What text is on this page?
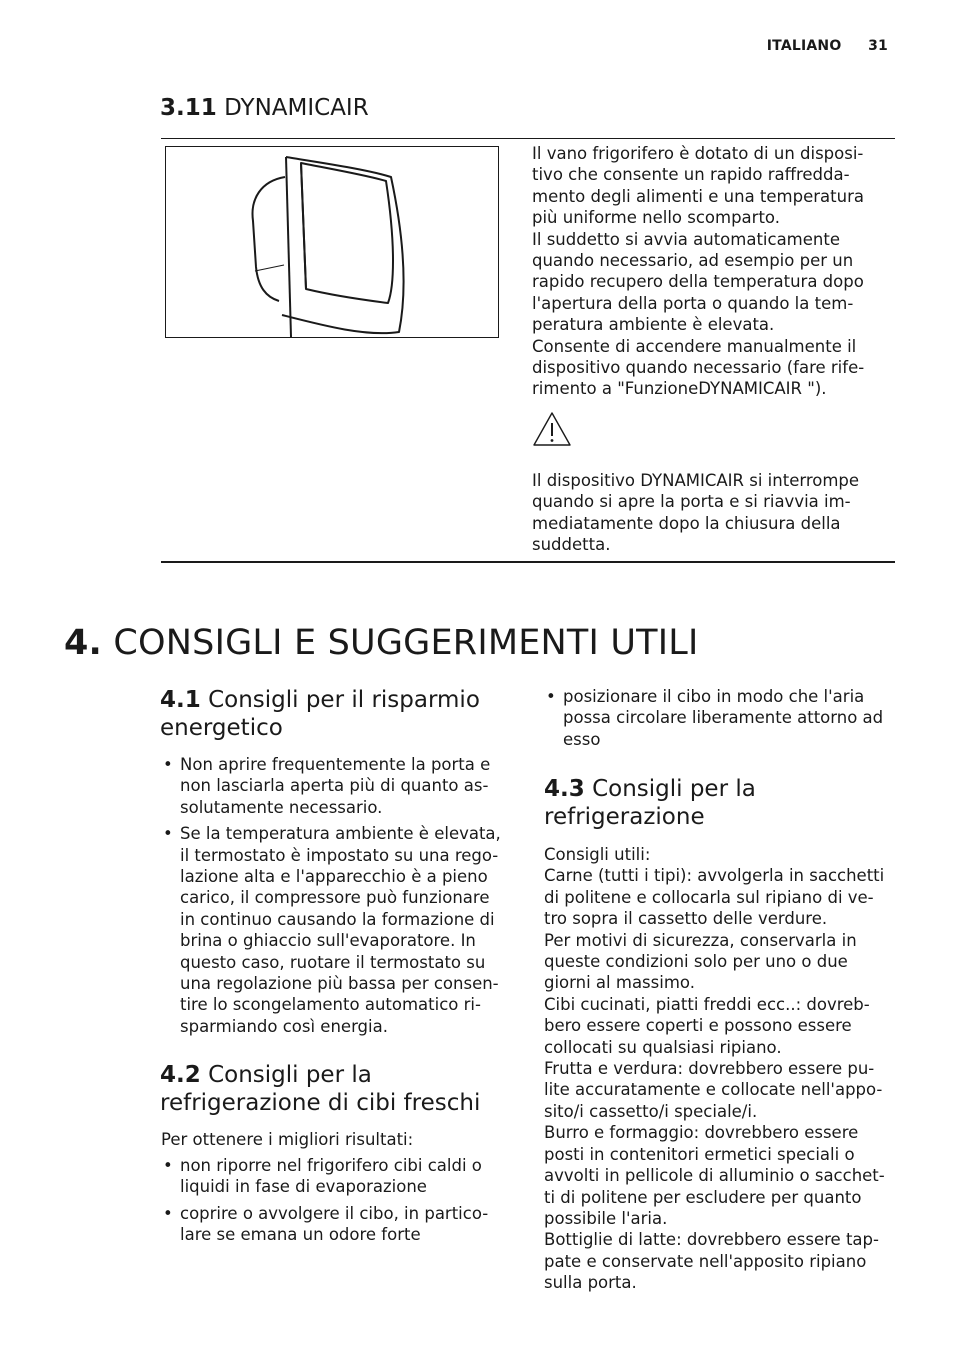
ITALIANO 31
3.11 DYNAMICAIR

Il vano frigorifero è dotato di un disposi-
tivo che consente un rapido raffredda-
mento degli alimenti e una temperatura
più uniforme nello scomparto.
Il suddetto si avvia automaticamente
quando necessario, ad esempio per un
rapido recupero della temperatura dopo
l'apertura della porta o quando la tem-
peratura ambiente è elevata.
Consente di accendere manualmente il
dispositivo quando necessario (fare rife-
rimento a "FunzioneDYNAMICAIR ").

Il dispositivo DYNAMICAIR si interrompe
quando si apre la porta e si riavvia im-
mediatamente dopo la chiusura della
suddetta.

4. CONSIGLI E SUGGERIMENTI UTILI
4.1 Consigli per il risparmio energetico
• Non aprire frequentemente la porta e
non lasciarla aperta più di quanto as-
solutamente necessario.
• Se la temperatura ambiente è elevata,
il termostato è impostato su una rego-
lazione alta e l'apparecchio è a pieno
carico, il compressore può funzionare
in continuo causando la formazione di
brina o ghiaccio sull'evaporatore. In
questo caso, ruotare il termostato su
una regolazione più bassa per consen-
tire lo scongelamento automatico ri-
sparmiando così energia.
4.2 Consigli per la refrigerazione di cibi freschi

Per ottenere i migliori risultati:

• non riporre nel frigorifero cibi caldi o
liquidi in fase di evaporazione
• coprire o avvolgere il cibo, in partico-
lare se emana un odore forte
• posizionare il cibo in modo che l'aria
possa circolare liberamente attorno ad
esso
4.3 Consigli per la refrigerazione

Consigli utili:
Carne (tutti i tipi): avvolgerla in sacchetti
di politene e collocarla sul ripiano di ve-
tro sopra il cassetto delle verdure.
Per motivi di sicurezza, conservarla in
queste condizioni solo per uno o due
giorni al massimo.
Cibi cucinati, piatti freddi ecc..: dovreb-
bero essere coperti e possono essere
collocati su qualsiasi ripiano.
Frutta e verdura: dovrebbero essere pu-
lite accuratamente e collocate nell'appo-
sito/i cassetto/i speciale/i.
Burro e formaggio: dovrebbero essere
posti in contenitori ermetici speciali o
avvolti in pellicole di alluminio o sacchet-
ti di politene per escludere per quanto
possibile l'aria.
Bottiglie di latte: dovrebbero essere tap-
pate e conservate nell'apposito ripiano
sulla porta.
